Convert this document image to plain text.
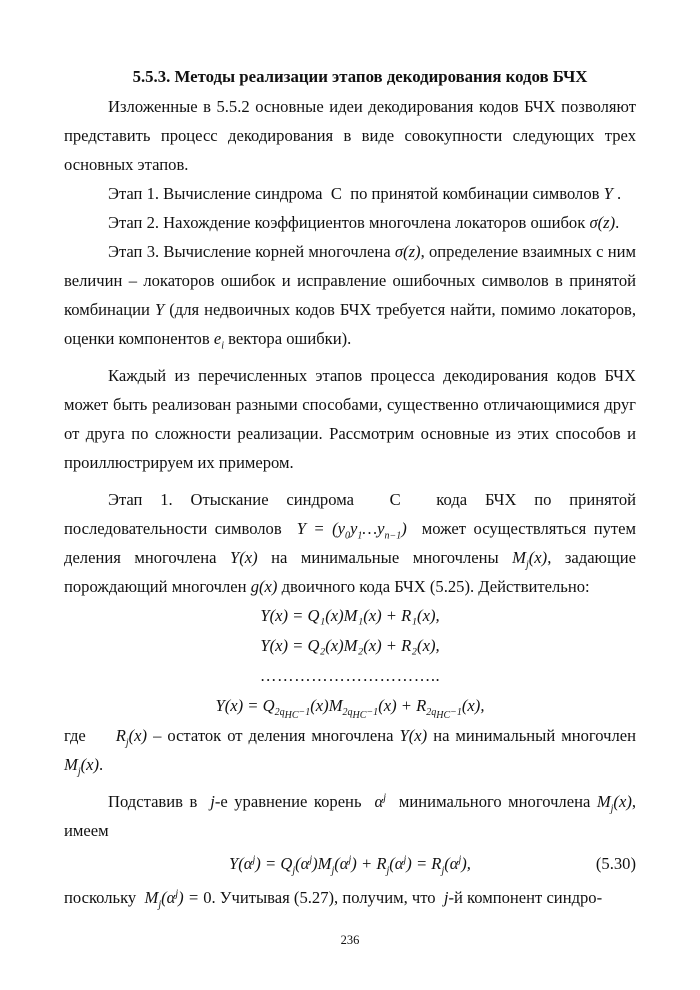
5.5.3. Методы реализации этапов декодирования кодов БЧХ

Изложенные в 5.5.2 основные идеи декодирования кодов БЧХ позволяют представить процесс декодирования в виде совокупности следующих трех основных этапов.

Этап 1. Вычисление синдрома С по принятой комбинации символов Y .

Этап 2. Нахождение коэффициентов многочлена локаторов ошибок σ(z).

Этап 3. Вычисление корней многочлена σ(z), определение взаимных с ним величин – локаторов ошибок и исправление ошибочных символов в принятой комбинации Y (для недвоичных кодов БЧХ требуется найти, помимо локаторов, оценки компонентов $e_i$ вектора ошибки).

Каждый из перечисленных этапов процесса декодирования кодов БЧХ может быть реализован разными способами, существенно отличающимися друг от друга по сложности реализации. Рассмотрим основные из этих способов и проиллюстрируем их примером.

Этап 1. Отыскание синдрома С кода БЧХ по принятой последовательности символов $Y = (y_0y_1\dots y_{n-1})$ может осуществляться путем деления многочлена Y(x) на минимальные многочлены $M_j(x)$, задающие порождающий многочлен g(x) двоичного кода БЧХ (5.25). Действительно:

Y(x) = Q₁(x)M₁(x) + R₁(x),
Y(x) = Q₂(x)M₂(x) + R₂(x),
…………………………..
$Y(x) = Q_{2q_{НС}-1}(x)M_{2q_{НС}-1}(x) + R_{2q_{НС}-1}(x)$,

где $R_j(x)$ – остаток от деления многочлена Y(x) на минимальный многочлен $M_j(x)$.

Подставив в j-е уравнение корень $\alpha^j$ минимального многочлена $M_j(x)$, имеем

$Y(\alpha^j) = Q_j(\alpha^j)M_j(\alpha^j) + R_j(\alpha^j) = R_j(\alpha^j)$,	(5.30)

поскольку $M_j(\alpha^j) = 0$. Учитывая (5.27), получим, что j-й компонент синдро-

236
